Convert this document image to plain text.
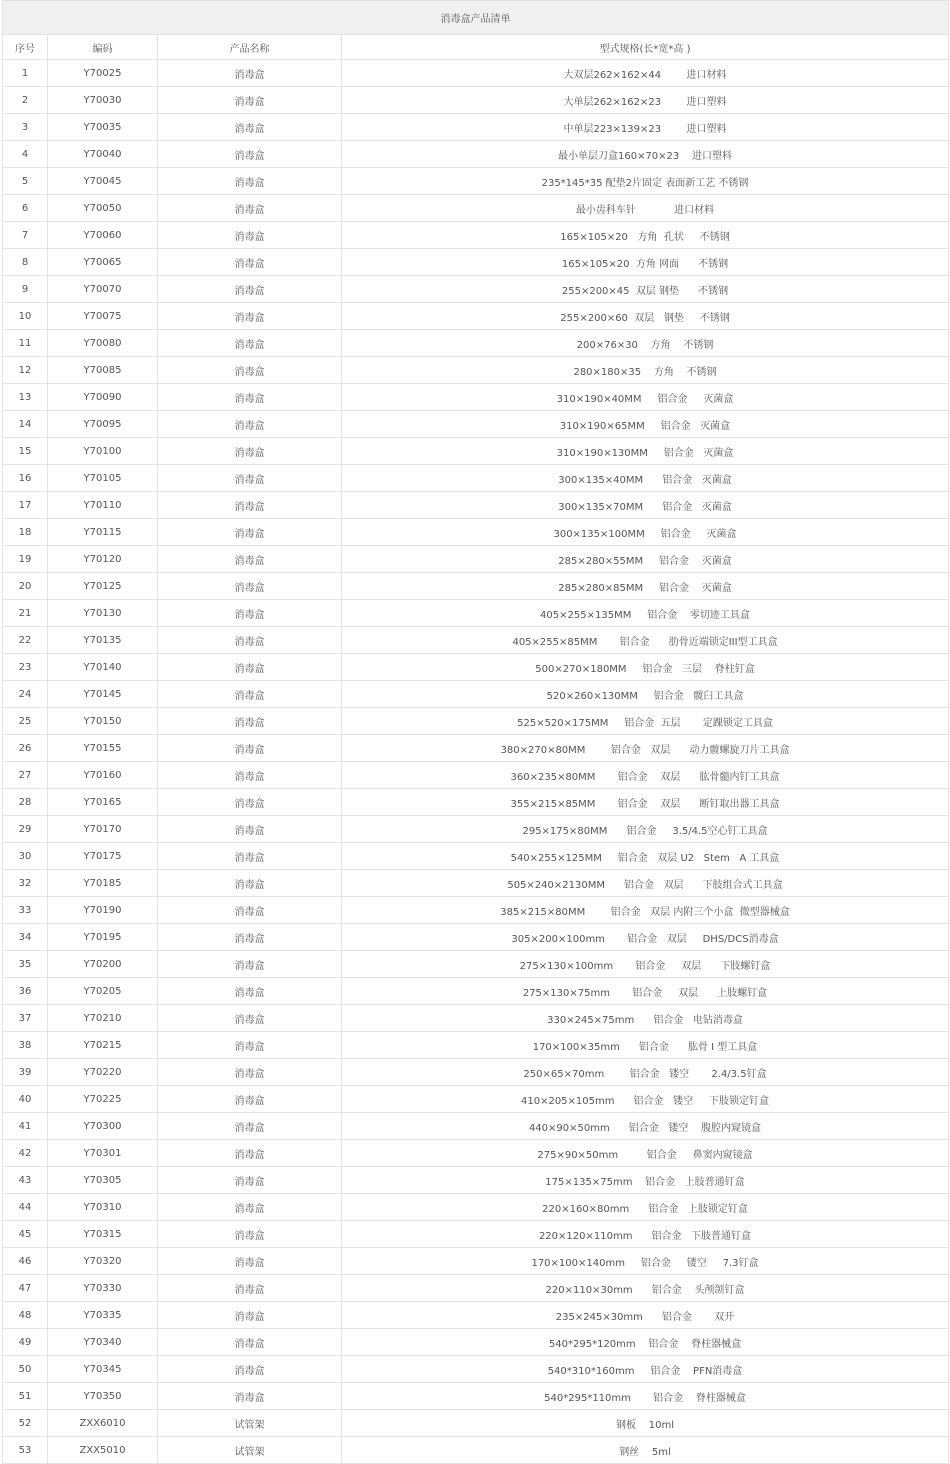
消毒盒产品清单			
序号	编码	产品名称	型式规格(长*宽*高 )
1	Y70025	消毒盒	大双层262×162×44        进口材料
2	Y70030	消毒盒	大单层262×162×23        进口塑料
3	Y70035	消毒盒	中单层223×139×23        进口塑料
4	Y70040	消毒盒	最小单层刀盒160×70×23    进口塑料
5	Y70045	消毒盒	235*145*35 配垫2片固定 表面新工艺 不锈钢
6	Y70050	消毒盒	最小齿科车针            进口材料
7	Y70060	消毒盒	165×105×20   方角  孔状     不锈钢
8	Y70065	消毒盒	165×105×20  方角 网面      不锈钢
9	Y70070	消毒盒	255×200×45  双层 钢垫      不锈钢
10	Y70075	消毒盒	255×200×60  双层   钢垫     不锈钢
11	Y70080	消毒盒	200×76×30    方角    不锈钢
12	Y70085	消毒盒	280×180×35    方角    不锈钢
13	Y70090	消毒盒	310×190×40MM     铝合金     灭菌盒
14	Y70095	消毒盒	310×190×65MM     铝合金   灭菌盒
15	Y70100	消毒盒	310×190×130MM     铝合金   灭菌盒
16	Y70105	消毒盒	300×135×40MM      铝合金   灭菌盒
17	Y70110	消毒盒	300×135×70MM      铝合金   灭菌盒
18	Y70115	消毒盒	300×135×100MM     铝合金     灭菌盒
19	Y70120	消毒盒	285×280×55MM     铝合金    灭菌盒
20	Y70125	消毒盒	285×280×85MM     铝合金    灭菌盒
21	Y70130	消毒盒	405×255×135MM     铝合金    零切迹工具盒
22	Y70135	消毒盒	405×255×85MM       铝合金      肋骨近端锁定III型工具盒
23	Y70140	消毒盒	500×270×180MM     铝合金   三层    脊柱钉盒
24	Y70145	消毒盒	520×260×130MM     铝合金   髋臼工具盒
25	Y70150	消毒盒	525×520×175MM     铝合金  五层       定踝锁定工具盒
26	Y70155	消毒盒	380×270×80MM        铝合金   双层      动力髋螺旋刀片工具盒
27	Y70160	消毒盒	360×235×80MM       铝合金    双层      肱骨髓内钉工具盒
28	Y70165	消毒盒	355×215×85MM       铝合金    双层      断钉取出器工具盒
29	Y70170	消毒盒	295×175×80MM      铝合金     3.5/4.5空心钉工具盒
30	Y70175	消毒盒	540×255×125MM     铝合金   双层 U2   Stem   A 工具盒
32	Y70185	消毒盒	505×240×2130MM      铝合金   双层      下肢组合式工具盒
33	Y70190	消毒盒	385×215×80MM        铝合金   双层 内附三个小盒  微型器械盒
34	Y70195	消毒盒	305×200×100mm       铝合金   双层     DHS/DCS消毒盒
35	Y70200	消毒盒	275×130×100mm       铝合金     双层      下肢螺钉盒
36	Y70205	消毒盒	275×130×75mm       铝合金     双层      上肢螺钉盒
37	Y70210	消毒盒	330×245×75mm      铝合金   电钻消毒盒
38	Y70215	消毒盒	170×100×35mm      铝合金      肱骨 I 型工具盒
39	Y70220	消毒盒	250×65×70mm        铝合金   镂空       2.4/3.5钉盒
40	Y70225	消毒盒	410×205×105mm      铝合金   镂空     下肢锁定钉盒
41	Y70300	消毒盒	440×90×50mm      铝合金   镂空    腹腔内窥镜盒
42	Y70301	消毒盒	275×90×50mm         铝合金     鼻窦内窥镜盒
43	Y70305	消毒盒	175×135×75mm    铝合金   上肢普通钉盒
44	Y70310	消毒盒	220×160×80mm      铝合金   上肢锁定钉盒
45	Y70315	消毒盒	220×120×110mm      铝合金   下肢普通钉盒
46	Y70320	消毒盒	170×100×140mm     铝合金     镂空     7.3钉盒
47	Y70330	消毒盒	220×110×30mm      铝合金    头颅颌钉盒
48	Y70335	消毒盒	235×245×30mm      铝合金       双开
49	Y70340	消毒盒	540*295*120mm    铝合金    脊柱器械盒
50	Y70345	消毒盒	540*310*160mm     铝合金    PFN消毒盒
51	Y70350	消毒盒	540*295*110mm       铝合金    脊柱器械盒
52	ZXX6010	试管架	钢板    10ml
53	ZXX5010	试管架	钢丝    5ml
